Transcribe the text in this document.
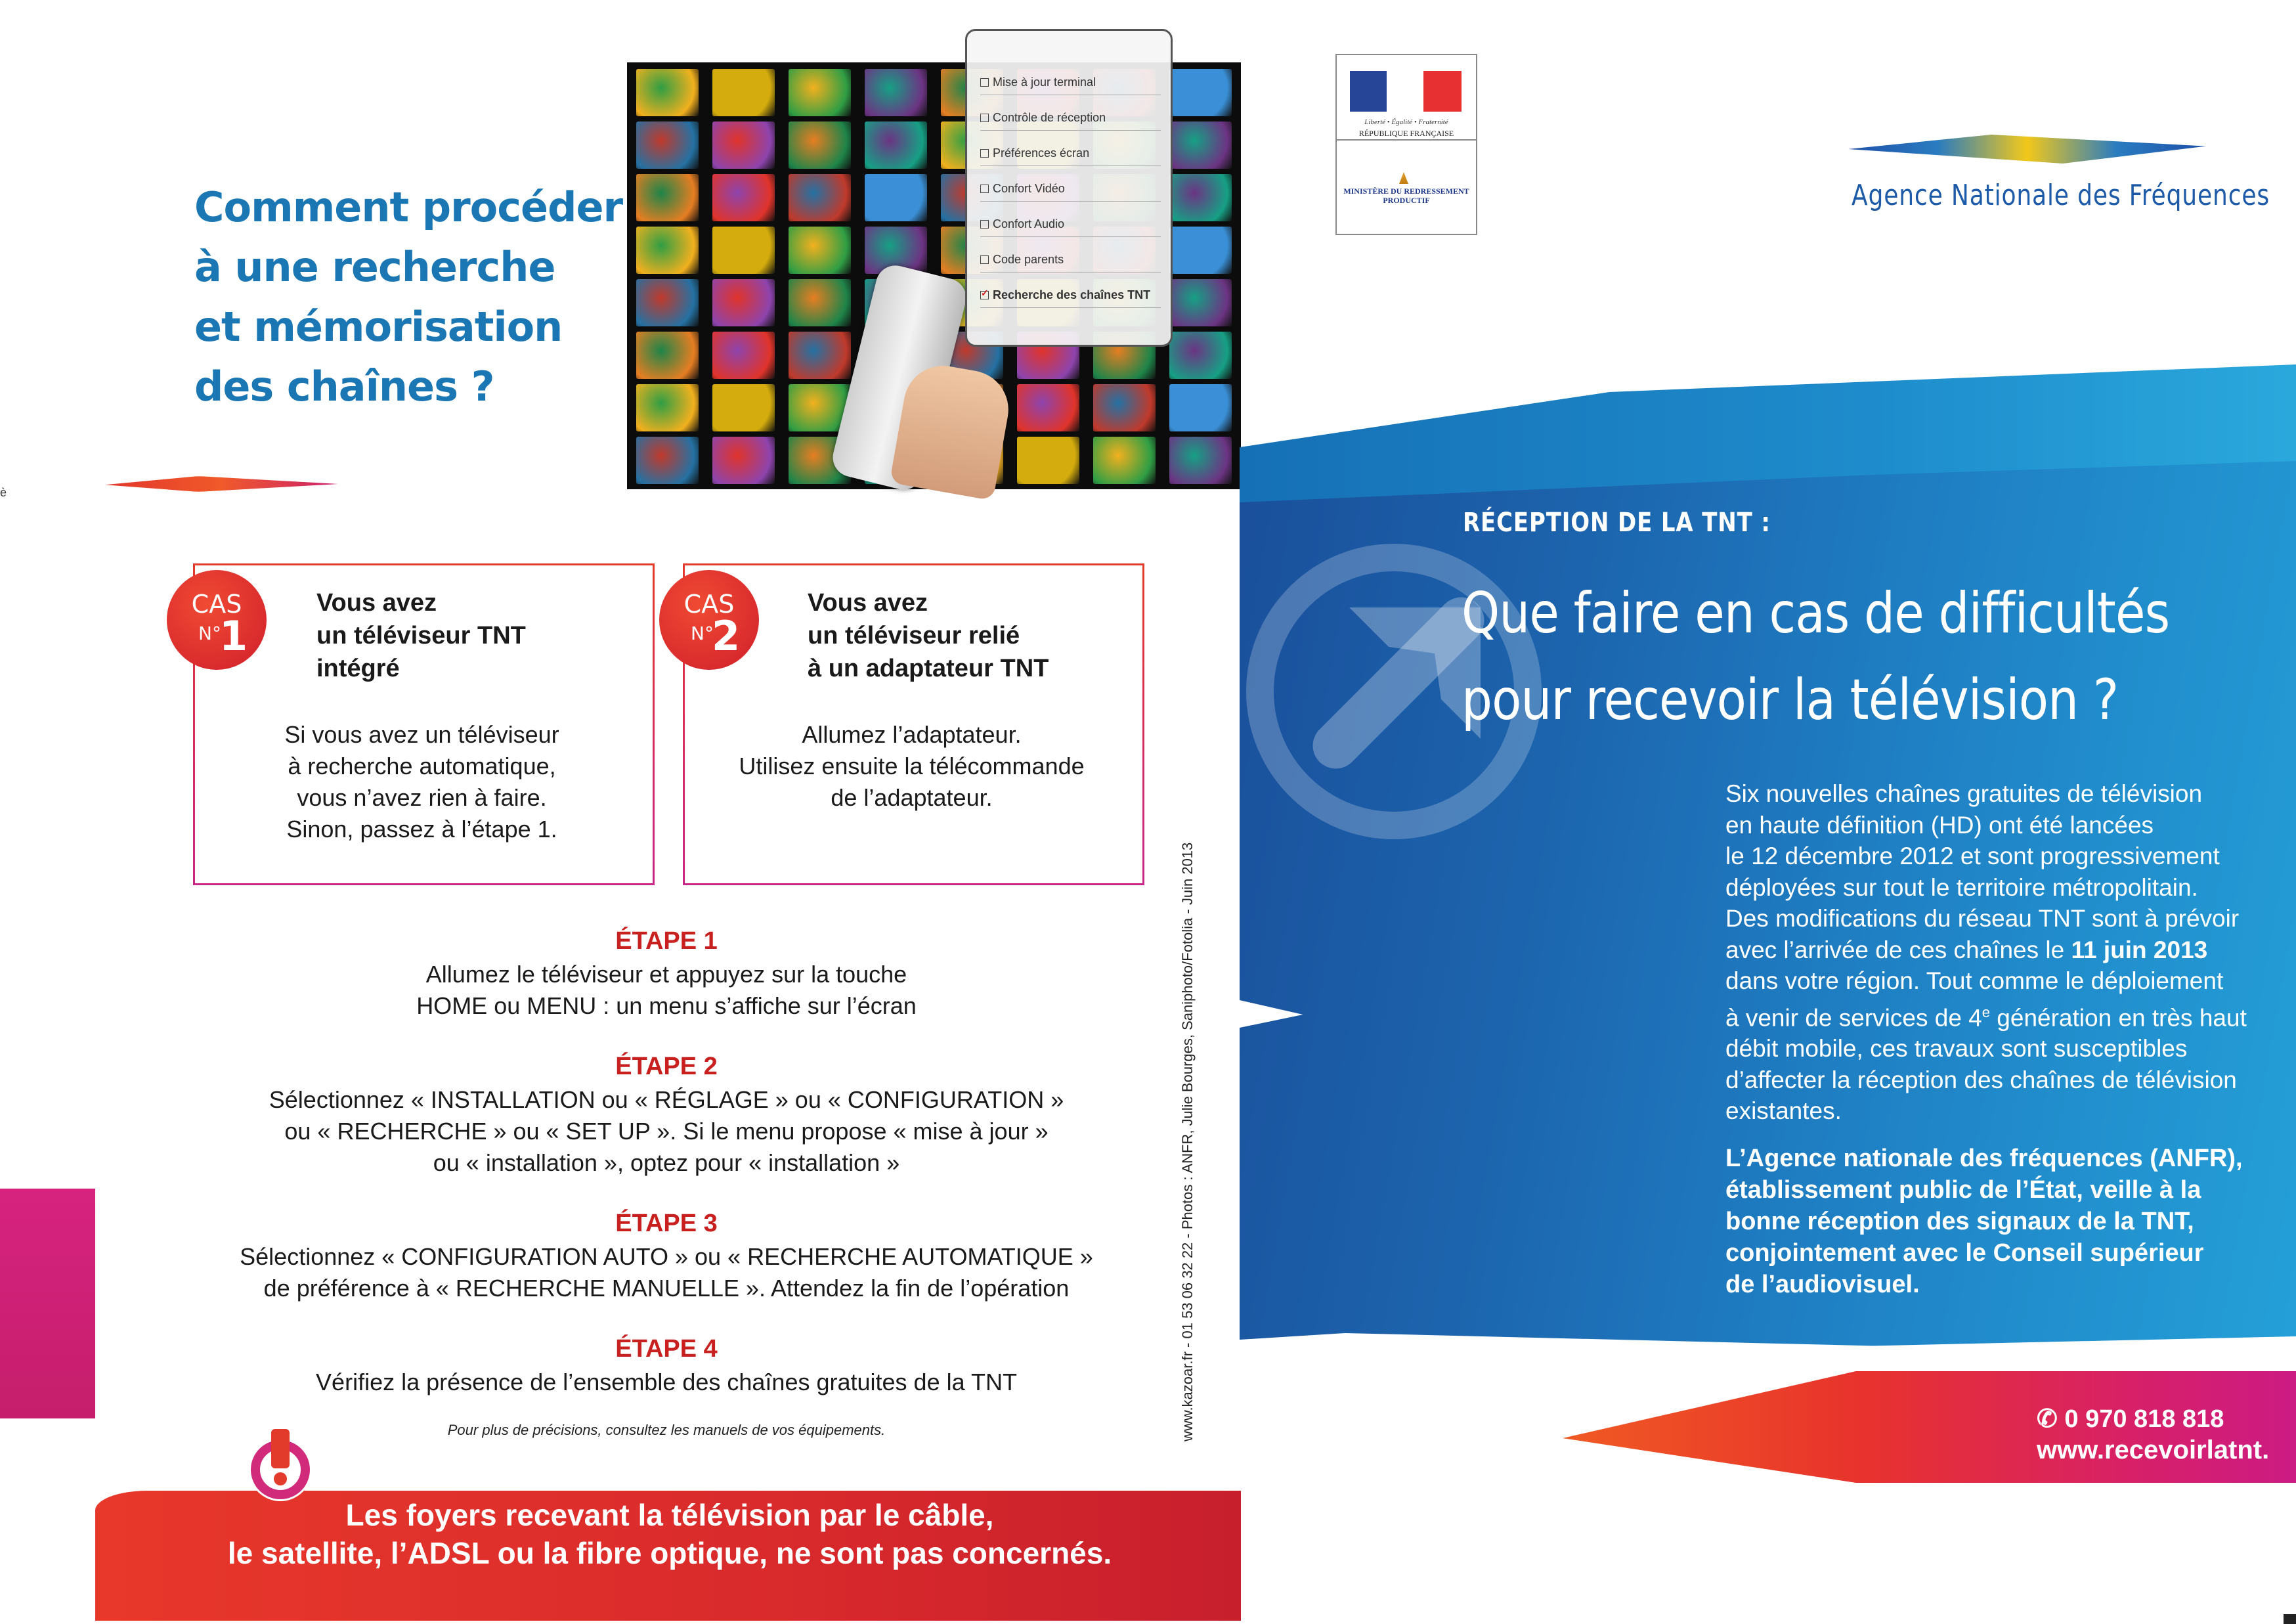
è
Comment procéder
à une recherche
et mémorisation
des chaînes ?
Mise à jour terminal
Contrôle de réception
Préférences écran
Confort Vidéo
Confort Audio
Code parents
✓Recherche des chaînes TNT
CAS
N°
1
Vous avez
un téléviseur TNT
intégré
Si vous avez un téléviseur
à recherche automatique,
vous n’avez rien à faire.
Sinon, passez à l’étape 1.
CAS
N°
2
Vous avez
un téléviseur relié
à un adaptateur TNT
Allumez l’adaptateur.
Utilisez ensuite la télécommande
de l’adaptateur.
ÉTAPE 1
Allumez le téléviseur et appuyez sur la touche
HOME ou MENU : un menu s’affiche sur l’écran
ÉTAPE 2
Sélectionnez « INSTALLATION ou « RÉGLAGE » ou « CONFIGURATION »
ou « RECHERCHE » ou « SET UP ». Si le menu propose « mise à jour »
ou « installation », optez pour « installation »
ÉTAPE 3
Sélectionnez « CONFIGURATION AUTO » ou « RECHERCHE AUTOMATIQUE »
de préférence à « RECHERCHE MANUELLE ». Attendez la fin de l’opération
ÉTAPE 4
Vérifiez la présence de l’ensemble des chaînes gratuites de la TNT
Pour plus de précisions, consultez les manuels de vos équipements.
Les foyers recevant la télévision par le câble,
le satellite, l’ADSL ou la fibre optique, ne sont pas concernés.
www.kazoar.fr - 01 53 06 32 22 - Photos : ANFR, Julie Bourges, Saniphoto/Fotolia - Juin 2013
Liberté • Égalité • Fraternité
RÉPUBLIQUE FRANÇAISE
MINISTÈRE DU REDRESSEMENT
PRODUCTIF	Agence Nationale des Fréquences
RÉCEPTION DE LA TNT :
Que faire en cas de difficultés
pour recevoir la télévision ?
Six nouvelles chaînes gratuites de télévision
en haute définition (HD) ont été lancées
le 12 décembre 2012 et sont progressivement
déployées sur tout le territoire métropolitain.
Des modifications du réseau TNT sont à prévoir
avec l’arrivée de ces chaînes le 11 juin 2013
dans votre région. Tout comme le déploiement
à venir de services de 4e génération en très haut
débit mobile, ces travaux sont susceptibles
d’affecter la réception des chaînes de télévision
existantes.
L’Agence nationale des fréquences (ANFR),
établissement public de l’État, veille à la
bonne réception des signaux de la TNT,
conjointement avec le Conseil supérieur
de l’audiovisuel.
✆ 0 970 818 818
www.recevoirlatnt.
